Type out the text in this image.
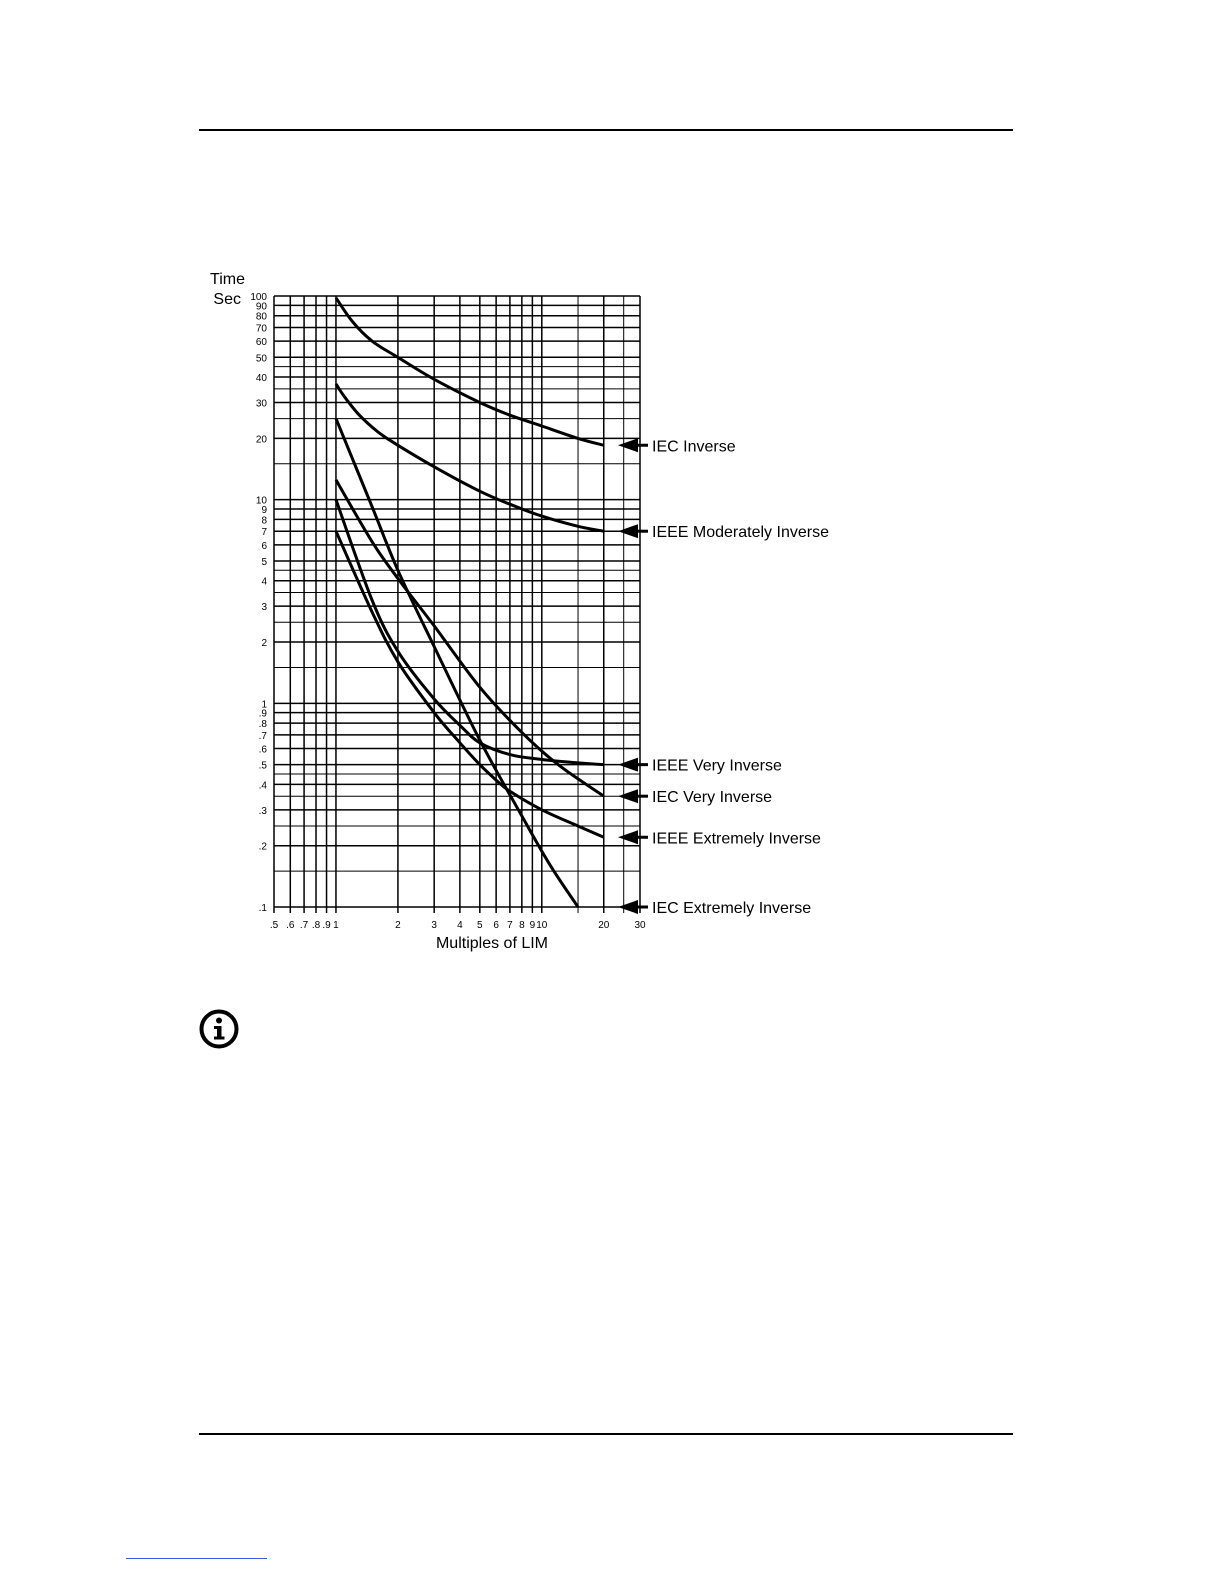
Time
Sec
.1
.2
.3
.4
.5
.6
.7
.8
.9
1
2
3
4
5
6
7
8
9
10
20
30
40
50
60
70
80
90
100
.5 .6 .7 .8 .9 1	2	3 4 5 6 7 8 9 10	20	30
IEC Inverse
IEEE Moderately Inverse
IEEE Very Inverse
IEC Very Inverse
IEEE Extremely Inverse
IEC Extremely Inverse
Multiples of LIM
